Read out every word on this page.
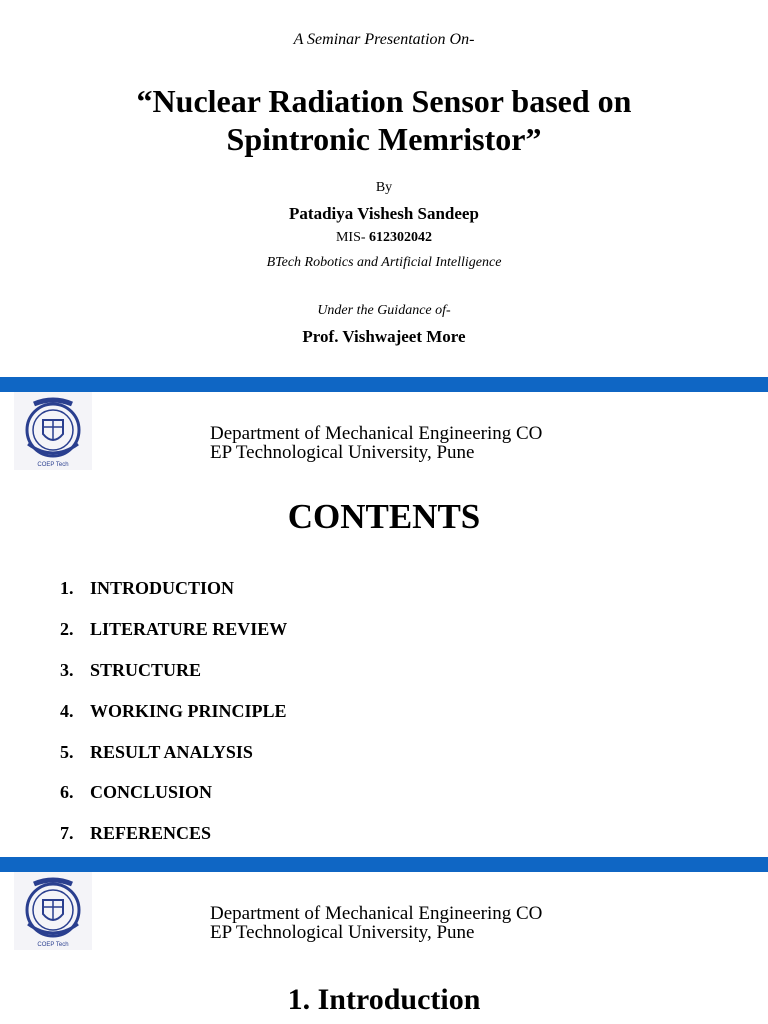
A Seminar Presentation On-
“Nuclear Radiation Sensor based on
Spintronic Memristor”
By
Patadiya Vishesh Sandeep
MIS- 612302042
BTech Robotics and Artificial Intelligence
Under the Guidance of-
Prof. Vishwajeet More
COEP Tech
Department of Mechanical Engineering CO
EP Technological University, Pune
CONTENTS
1. INTRODUCTION
2. LITERATURE REVIEW
3. STRUCTURE
4. WORKING PRINCIPLE
5. RESULT ANALYSIS
6. CONCLUSION
7. REFERENCES
COEP Tech
Department of Mechanical Engineering CO
EP Technological University, Pune
1. Introduction
